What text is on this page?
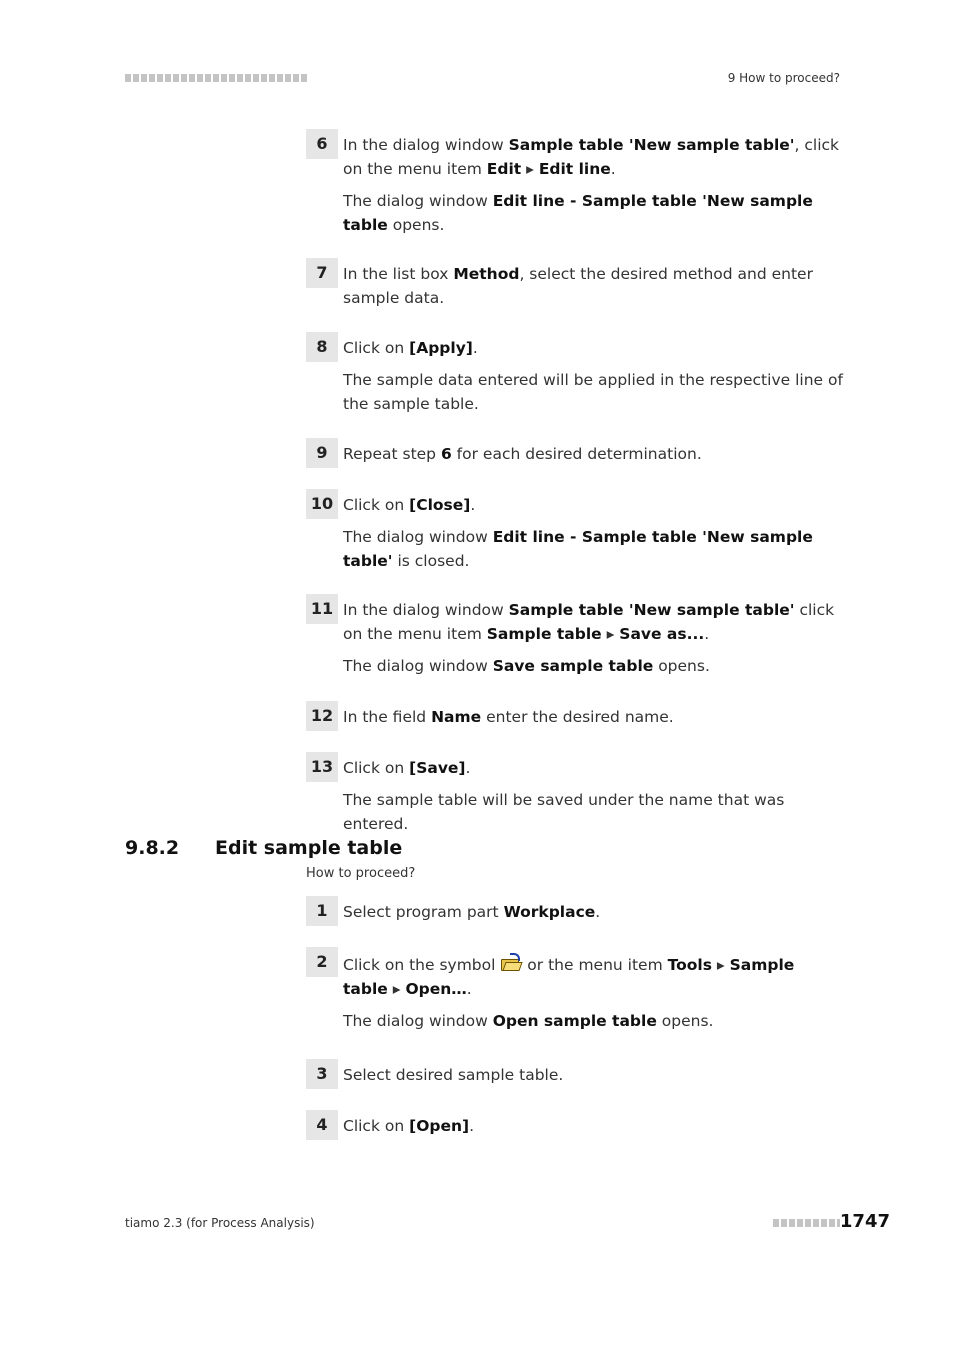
9 How to proceed?
6 In the dialog window Sample table 'New sample table', click on the menu item Edit ▸ Edit line.

The dialog window Edit line - Sample table 'New sample table opens.

7 In the list box Method, select the desired method and enter sample data.

8 Click on [Apply].

The sample data entered will be applied in the respective line of the sample table.

9 Repeat step 6 for each desired determination.

10 Click on [Close].

The dialog window Edit line - Sample table 'New sample table' is closed.

11 In the dialog window Sample table 'New sample table' click on the menu item Sample table ▸ Save as....

The dialog window Save sample table opens.

12 In the field Name enter the desired name.

13 Click on [Save].

The sample table will be saved under the name that was entered.

9.8.2 Edit sample table
How to proceed?
1 Select program part Workplace.

2 Click on the symbol
or the menu item Tools ▸ Sample table ▸ Open….

The dialog window Open sample table opens.

3 Select desired sample table.

4 Click on [Open].

tiamo 2.3 (for Process Analysis)	1747
